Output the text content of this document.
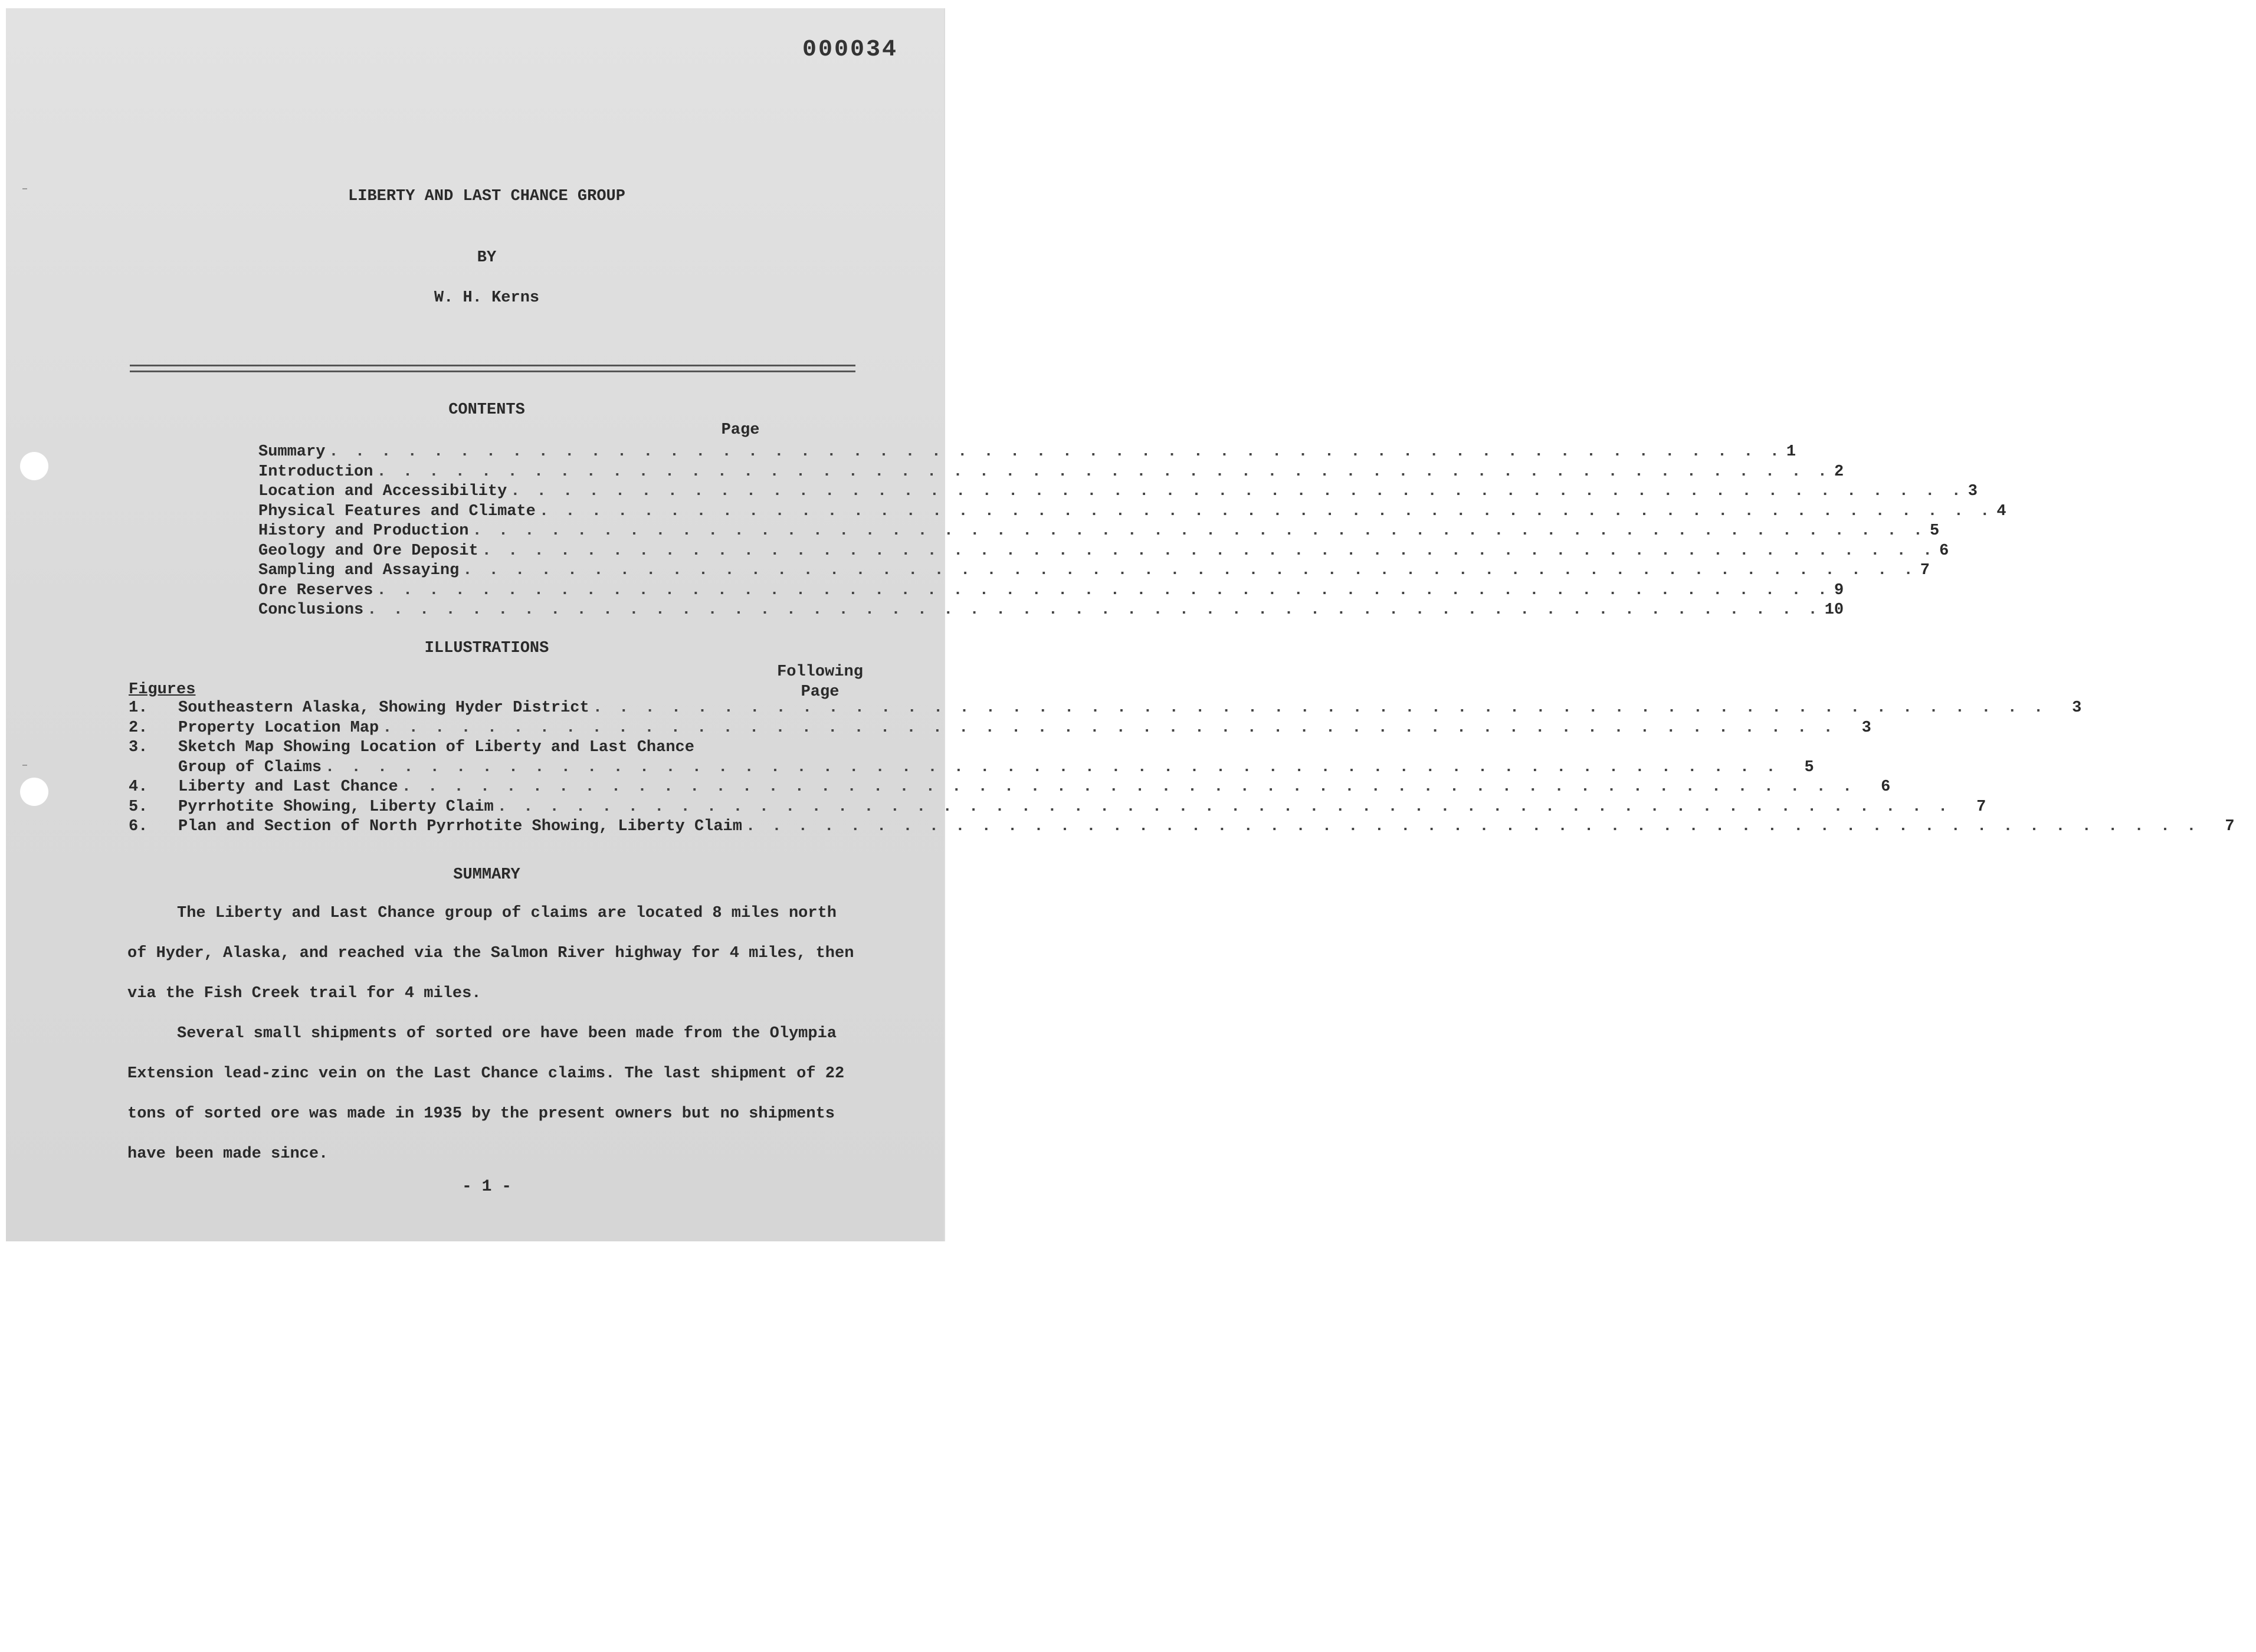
000034
LIBERTY AND LAST CHANCE GROUP
BY
W. H. Kerns
CONTENTS
Page
Summary . . . . . . . . . . . . . . . . . . . . . . . . . . . . . . . . . . . . . . . . . . . . . . . . . . . . . . . . 1
Introduction . . . . . . . . . . . . . . . . . . . . . . . . . . . . . . . . . . . . . . . . . . . . . . . . . . . . . . . . 2
Location and Accessibility . . . . . . . . . . . . . . . . . . . . . . . . . . . . . . . . . . . . . . . . . . . . . . . . . . . . . . . . 3
Physical Features and Climate . . . . . . . . . . . . . . . . . . . . . . . . . . . . . . . . . . . . . . . . . . . . . . . . . . . . . . . . 4
History and Production . . . . . . . . . . . . . . . . . . . . . . . . . . . . . . . . . . . . . . . . . . . . . . . . . . . . . . . . 5
Geology and Ore Deposit . . . . . . . . . . . . . . . . . . . . . . . . . . . . . . . . . . . . . . . . . . . . . . . . . . . . . . . . 6
Sampling and Assaying . . . . . . . . . . . . . . . . . . . . . . . . . . . . . . . . . . . . . . . . . . . . . . . . . . . . . . . . 7
Ore Reserves . . . . . . . . . . . . . . . . . . . . . . . . . . . . . . . . . . . . . . . . . . . . . . . . . . . . . . . . 9
Conclusions . . . . . . . . . . . . . . . . . . . . . . . . . . . . . . . . . . . . . . . . . . . . . . . . . . . . . . . . 10
ILLUSTRATIONS
Following
Page
Figures
1.	Southeastern Alaska, Showing Hyder District . . . . . . . . . . . . . . . . . . . . . . . . . . . . . . . . . . . . . . . . . . . . . . . . . . . . . . . .	3
2.	Property Location Map . . . . . . . . . . . . . . . . . . . . . . . . . . . . . . . . . . . . . . . . . . . . . . . . . . . . . . . .	3
3.	Sketch Map Showing Location of Liberty and Last Chance
Group of Claims . . . . . . . . . . . . . . . . . . . . . . . . . . . . . . . . . . . . . . . . . . . . . . . . . . . . . . . .	5
4.	Liberty and Last Chance . . . . . . . . . . . . . . . . . . . . . . . . . . . . . . . . . . . . . . . . . . . . . . . . . . . . . . . .	6
5.	Pyrrhotite Showing, Liberty Claim . . . . . . . . . . . . . . . . . . . . . . . . . . . . . . . . . . . . . . . . . . . . . . . . . . . . . . . .	7
6.	Plan and Section of North Pyrrhotite Showing, Liberty Claim . . . . . . . . . . . . . . . . . . . . . . . . . . . . . . . . . . . . . . . . . . . . . . . . . . . . . . . .	7
SUMMARY

The Liberty and Last Chance group of claims are located 8 miles north of Hyder, Alaska, and reached via the Salmon River highway for 4 miles, then via the Fish Creek trail for 4 miles.

Several small shipments of sorted ore have been made from the Olympia Extension lead-zinc vein on the Last Chance claims. The last shipment of 22 tons of sorted ore was made in 1935 by the present owners but no shipments have been made since.

- 1 -
